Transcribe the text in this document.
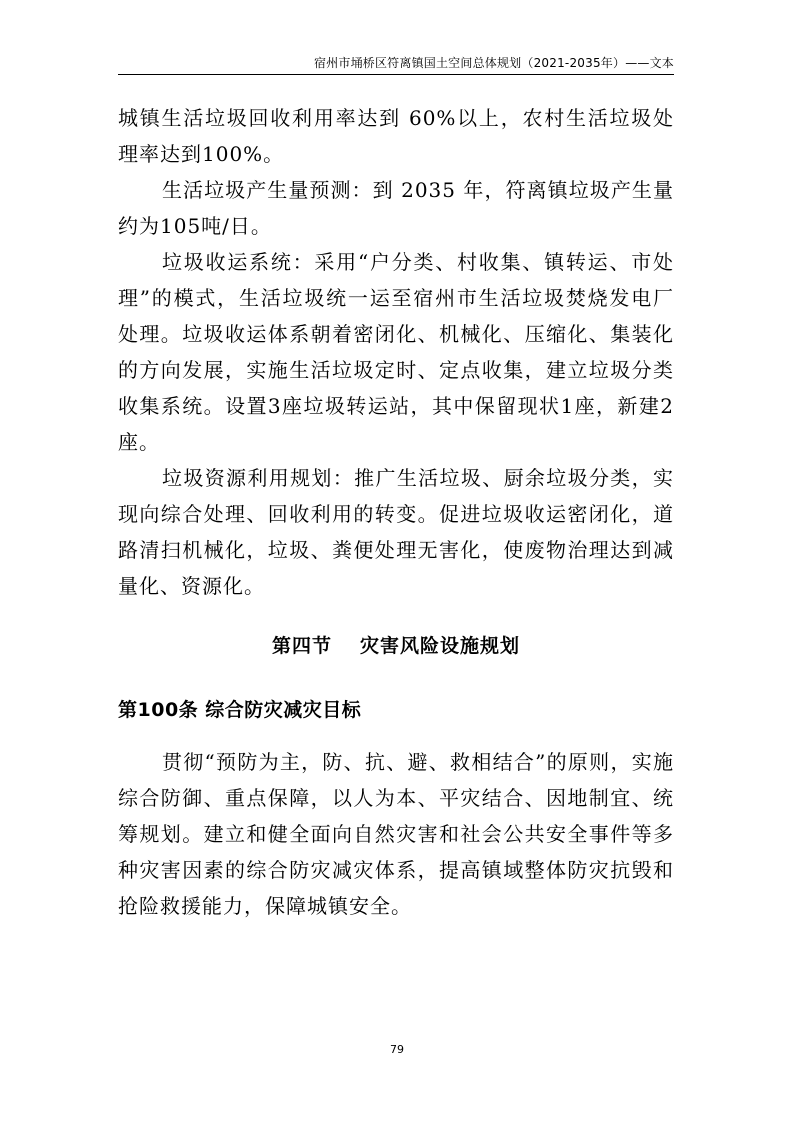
宿州市埇桥区符离镇国土空间总体规划（2021-2035年）——文本
城镇生活垃圾回收利用率达到 60%以上，农村生活垃圾处理率达到100%。
生活垃圾产生量预测：到 2035 年，符离镇垃圾产生量约为105吨/日。
垃圾收运系统：采用“户分类、村收集、镇转运、市处理”的模式，生活垃圾统一运至宿州市生活垃圾焚烧发电厂处理。垃圾收运体系朝着密闭化、机械化、压缩化、集装化的方向发展，实施生活垃圾定时、定点收集，建立垃圾分类收集系统。设置3座垃圾转运站，其中保留现状1座，新建2座。
垃圾资源利用规划：推广生活垃圾、厨余垃圾分类，实现向综合处理、回收利用的转变。促进垃圾收运密闭化，道路清扫机械化，垃圾、粪便处理无害化，使废物治理达到减量化、资源化。
第四节 灾害风险设施规划
第100条 综合防灾减灾目标
贯彻“预防为主，防、抗、避、救相结合”的原则，实施综合防御、重点保障，以人为本、平灾结合、因地制宜、统筹规划。建立和健全面向自然灾害和社会公共安全事件等多种灾害因素的综合防灾减灾体系，提高镇域整体防灾抗毁和抢险救援能力，保障城镇安全。
79
